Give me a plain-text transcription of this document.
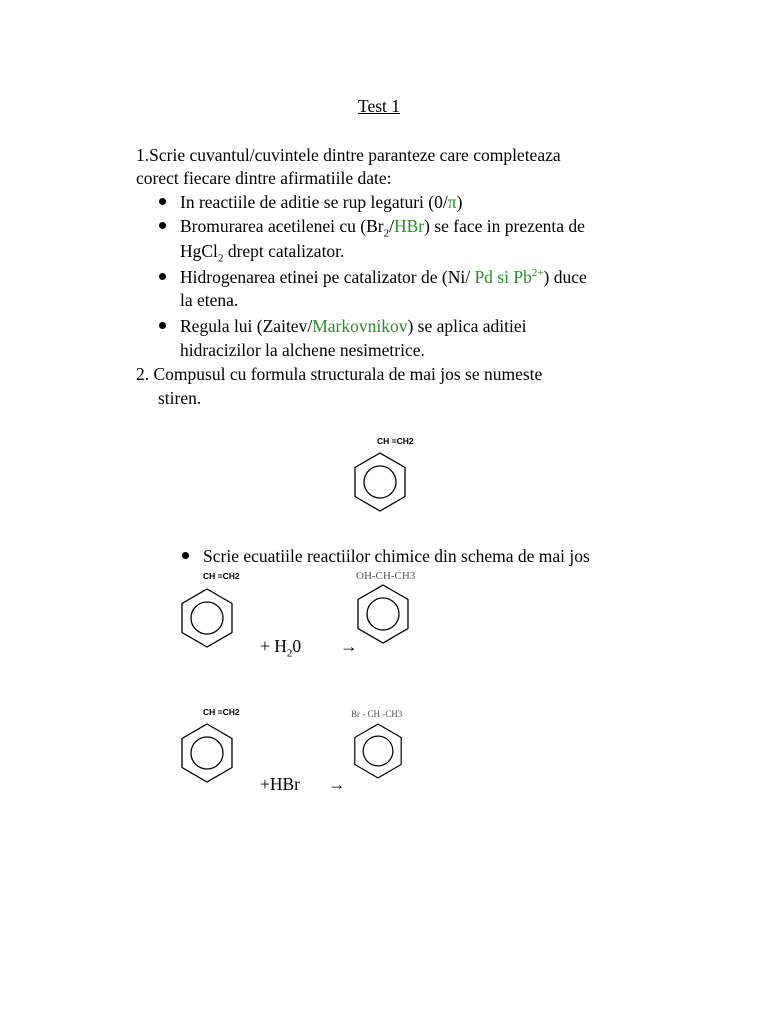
Test 1
1.Scrie cuvantul/cuvintele dintre paranteze care completeaza
corect fiecare dintre afirmatiile date:
In reactiile de aditie se rup legaturi (0/π)
Bromurarea acetilenei cu $(Br_2/HBr)$ se face in prezenta de
HgCl$_2$ drept catalizator.
Hidrogenarea etinei pe catalizator de (Ni/ Pd si $Pb^{2+}$) duce
la etena.
Regula lui (Zaitev/Markovnikov) se aplica aditiei
hidracizilor la alchene nesimetrice.
2. Compusul cu formula structurala de mai jos se numeste
stiren.
CH =CH2
Scrie ecuatiile reactiilor chimice din schema de mai jos
CH =CH2
+ $H_20$ →
OH-CH-CH3
CH =CH2
+HBr →
Br - CH -CH3
